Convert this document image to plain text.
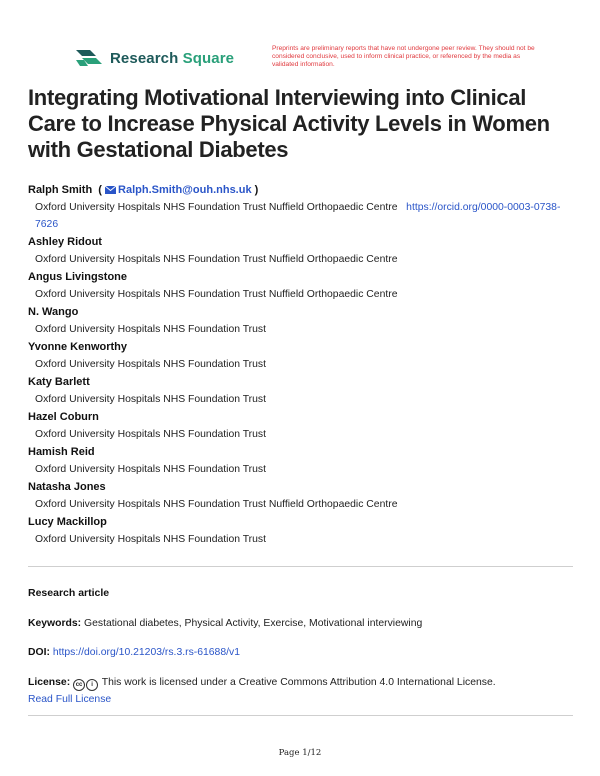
Research Square
Preprints are preliminary reports that have not undergone peer review. They should not be considered conclusive, used to inform clinical practice, or referenced by the media as validated information.
Integrating Motivational Interviewing into Clinical Care to Increase Physical Activity Levels in Women with Gestational Diabetes
Ralph Smith  ( Ralph.Smith@ouh.nhs.uk )
Oxford University Hospitals NHS Foundation Trust Nuffield Orthopaedic Centre https://orcid.org/0000-0003-0738-7626
Ashley Ridout
Oxford University Hospitals NHS Foundation Trust Nuffield Orthopaedic Centre
Angus Livingstone
Oxford University Hospitals NHS Foundation Trust Nuffield Orthopaedic Centre
N. Wango
Oxford University Hospitals NHS Foundation Trust
Yvonne Kenworthy
Oxford University Hospitals NHS Foundation Trust
Katy Barlett
Oxford University Hospitals NHS Foundation Trust
Hazel Coburn
Oxford University Hospitals NHS Foundation Trust
Hamish Reid
Oxford University Hospitals NHS Foundation Trust
Natasha Jones
Oxford University Hospitals NHS Foundation Trust Nuffield Orthopaedic Centre
Lucy Mackillop
Oxford University Hospitals NHS Foundation Trust
Research article
Keywords: Gestational diabetes, Physical Activity, Exercise, Motivational interviewing
DOI: https://doi.org/10.21203/rs.3.rs-61688/v1
License: cc i This work is licensed under a Creative Commons Attribution 4.0 International License.
Read Full License
Page 1/12
